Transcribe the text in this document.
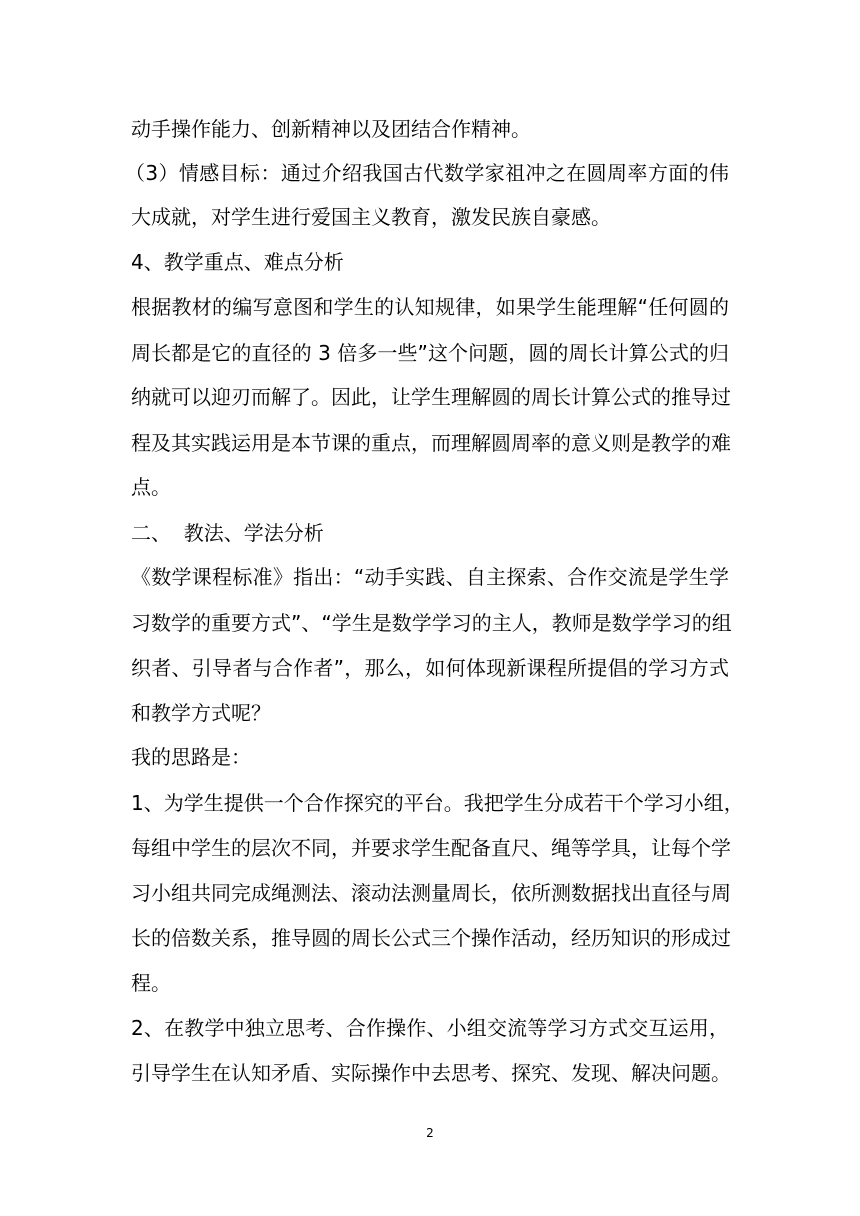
动手操作能力、创新精神以及团结合作精神。
（3）情感目标：通过介绍我国古代数学家祖冲之在圆周率方面的伟
大成就，对学生进行爱国主义教育，激发民族自豪感。
4、教学重点、难点分析
根据教材的编写意图和学生的认知规律，如果学生能理解“任何圆的
周长都是它的直径的 3 倍多一些”这个问题，圆的周长计算公式的归
纳就可以迎刃而解了。因此，让学生理解圆的周长计算公式的推导过
程及其实践运用是本节课的重点，而理解圆周率的意义则是教学的难
点。
二、  教法、学法分析
《数学课程标准》指出：“动手实践、自主探索、合作交流是学生学
习数学的重要方式”、“学生是数学学习的主人，教师是数学学习的组
织者、引导者与合作者”，那么，如何体现新课程所提倡的学习方式
和教学方式呢？
我的思路是：
1、为学生提供一个合作探究的平台。我把学生分成若干个学习小组，
每组中学生的层次不同，并要求学生配备直尺、绳等学具，让每个学
习小组共同完成绳测法、滚动法测量周长，依所测数据找出直径与周
长的倍数关系，推导圆的周长公式三个操作活动，经历知识的形成过
程。
2、在教学中独立思考、合作操作、小组交流等学习方式交互运用，
引导学生在认知矛盾、实际操作中去思考、探究、发现、解决问题。
2
